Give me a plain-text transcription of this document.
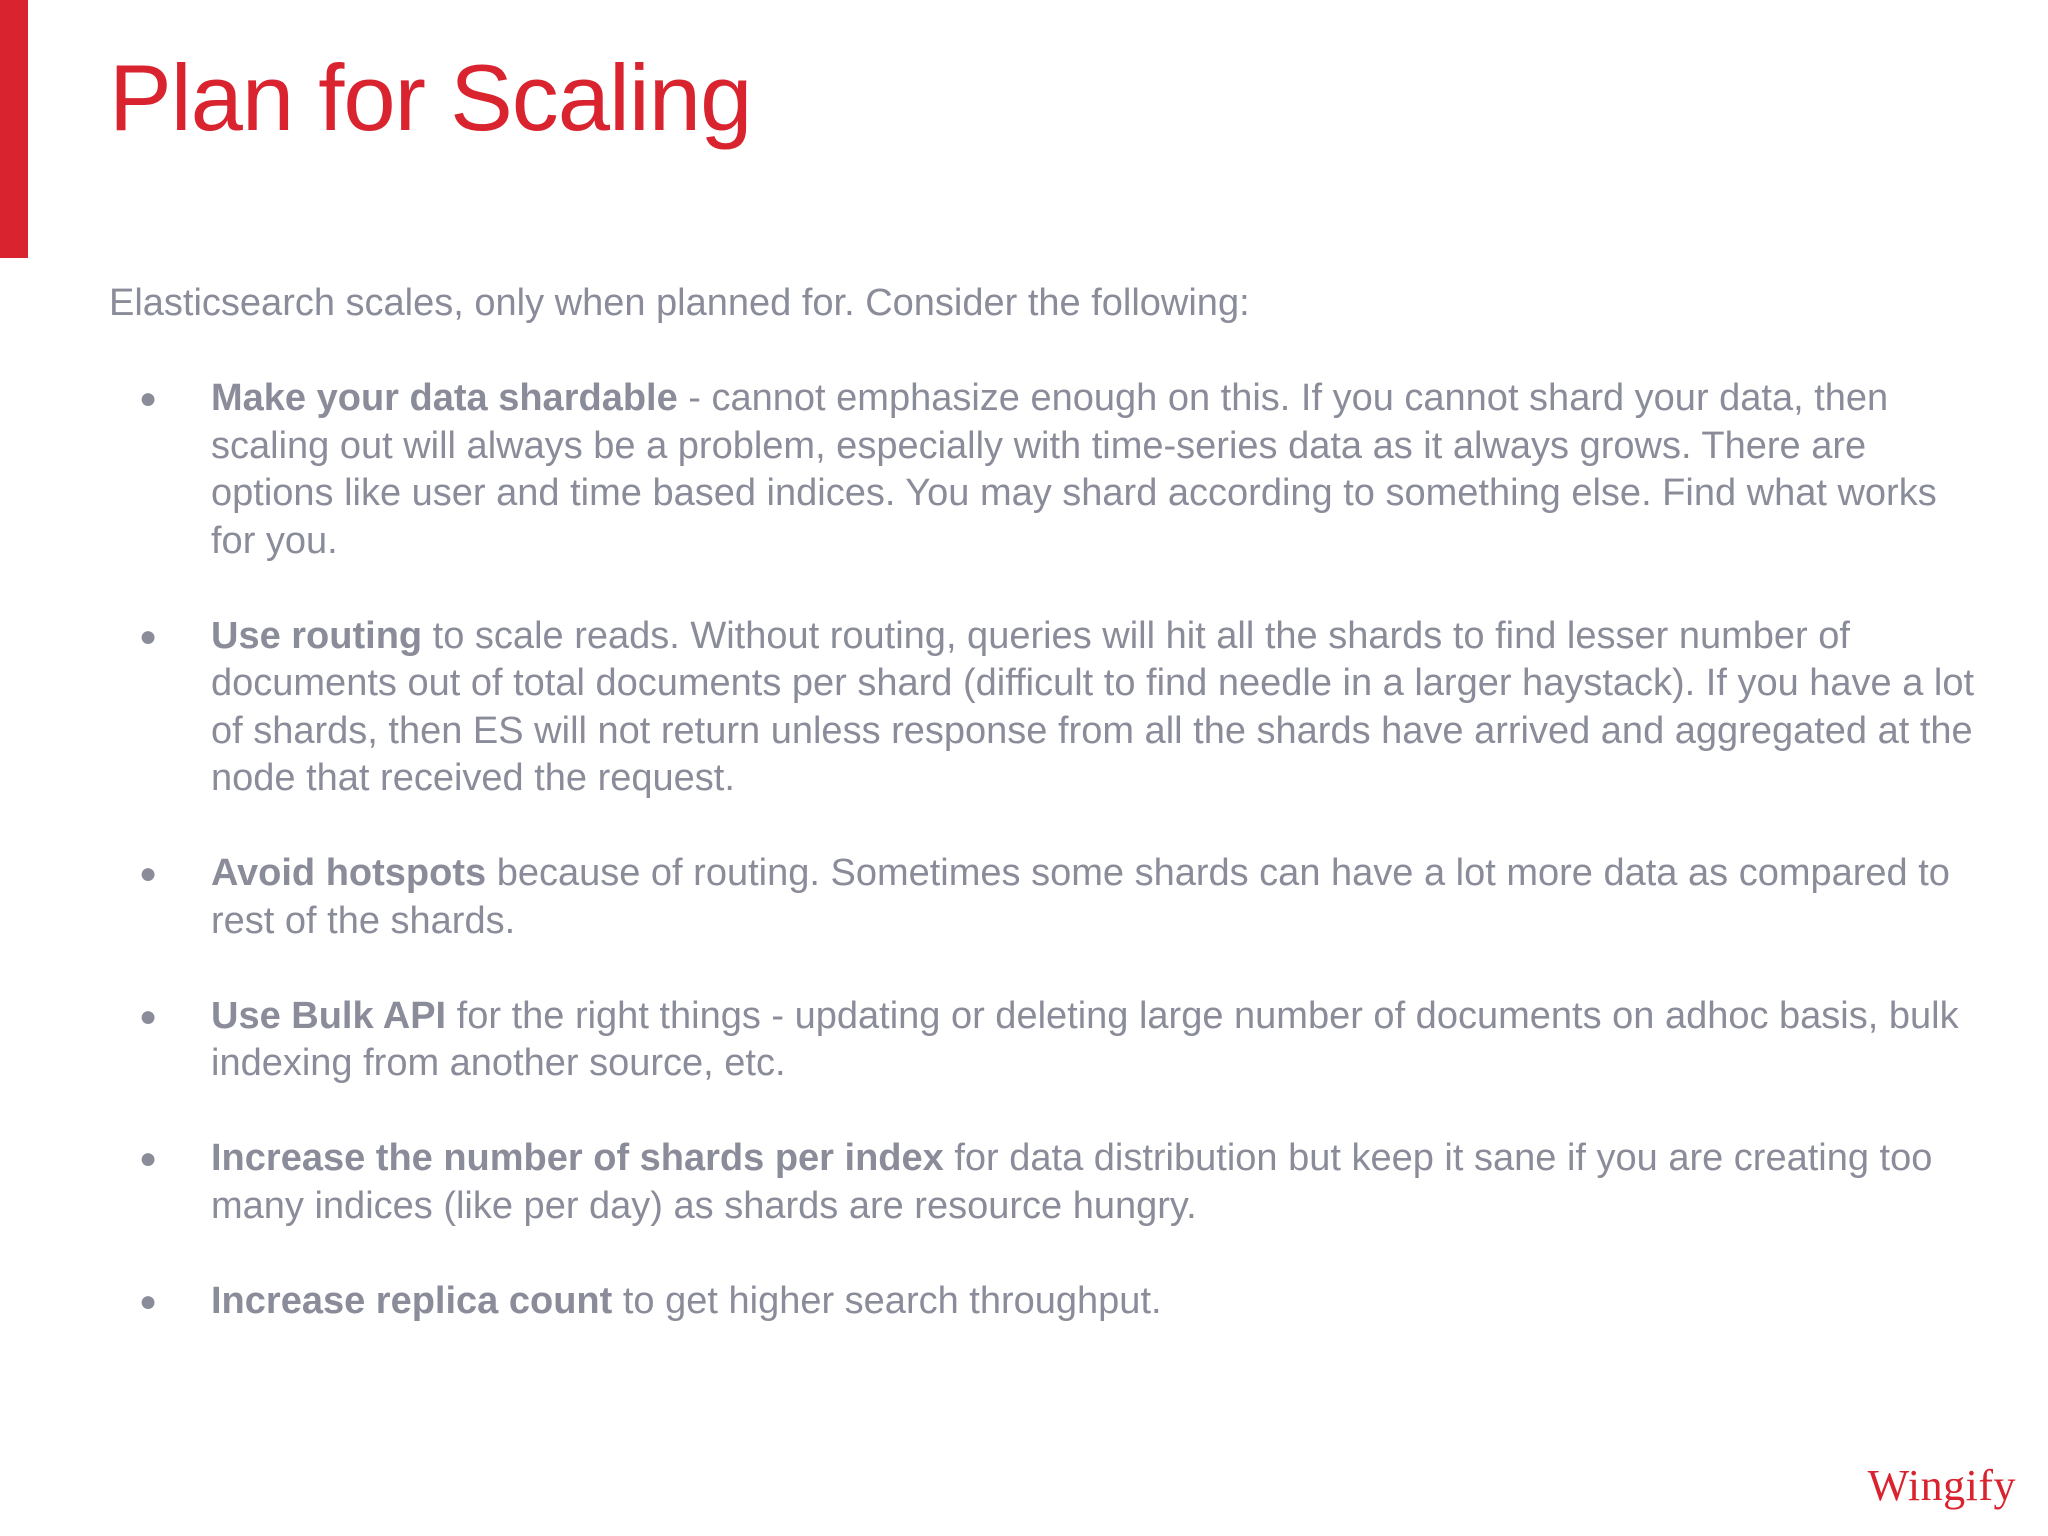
Plan for Scaling

Elasticsearch scales, only when planned for. Consider the following:

● Make your data shardable - cannot emphasize enough on this. If you cannot shard your data, then scaling out will always be a problem, especially with time-series data as it always grows. There are options like user and time based indices. You may shard according to something else. Find what works for you.
● Use routing to scale reads. Without routing, queries will hit all the shards to find lesser number of documents out of total documents per shard (difficult to find needle in a larger haystack). If you have a lot of shards, then ES will not return unless response from all the shards have arrived and aggregated at the node that received the request.
● Avoid hotspots because of routing. Sometimes some shards can have a lot more data as compared to rest of the shards.
● Use Bulk API for the right things - updating or deleting large number of documents on adhoc basis, bulk indexing from another source, etc.
● Increase the number of shards per index for data distribution but keep it sane if you are creating too many indices (like per day) as shards are resource hungry.
● Increase replica count to get higher search throughput.
Wingify
